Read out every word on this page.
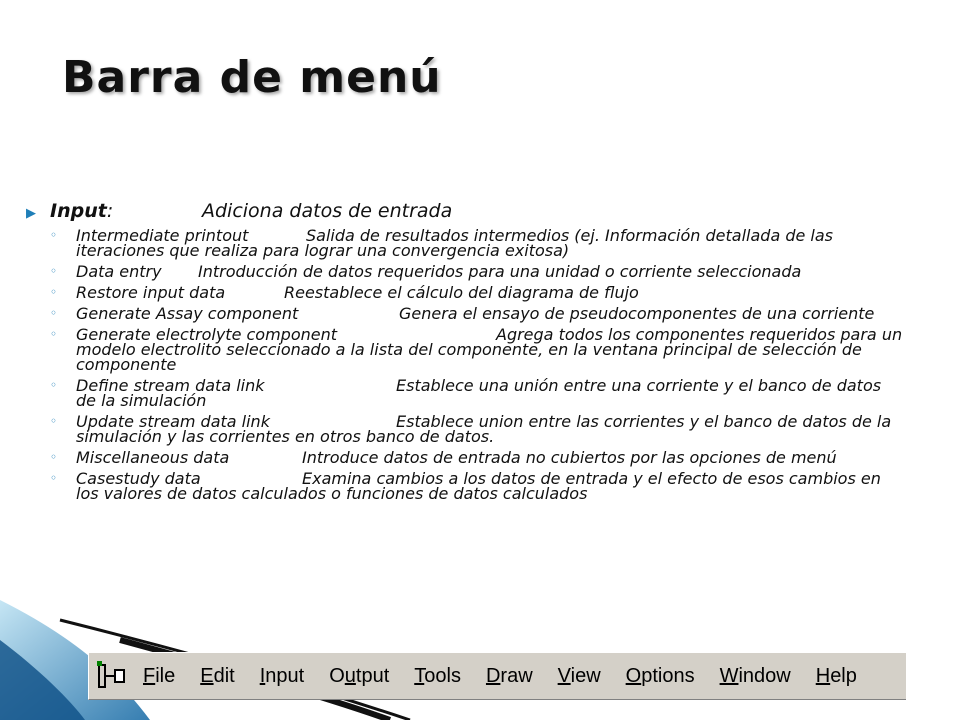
Barra de menú
▶ Input:	Adiciona datos de entrada
◦	Intermediate printout	Salida de resultados intermedios (ej. Información detallada de las iteraciones que realiza para lograr una convergencia exitosa)
◦	Data entry Introducción de datos requeridos para una unidad o corriente seleccionada
◦	Restore input data	Reestablece el cálculo del diagrama de flujo
◦	Generate Assay component	Genera el ensayo de pseudocomponentes de una corriente
◦	Generate electrolyte component	Agrega todos los componentes requeridos para un modelo electrolito seleccionado a la lista del componente, en la ventana principal de selección de componente
◦	Define stream data link	Establece una unión entre una corriente y el banco de datos de la simulación
◦	Update stream data link	Establece union entre las corrientes y el banco de datos de la simulación y las corrientes en otros banco de datos.
◦	Miscellaneous data	Introduce datos de entrada no cubiertos por las opciones de menú
◦	Casestudy data	Examina cambios a los datos de entrada y el efecto de esos cambios en los valores de datos calculados o funciones de datos calculados
File Edit Input Output Tools Draw View Options Window Help
